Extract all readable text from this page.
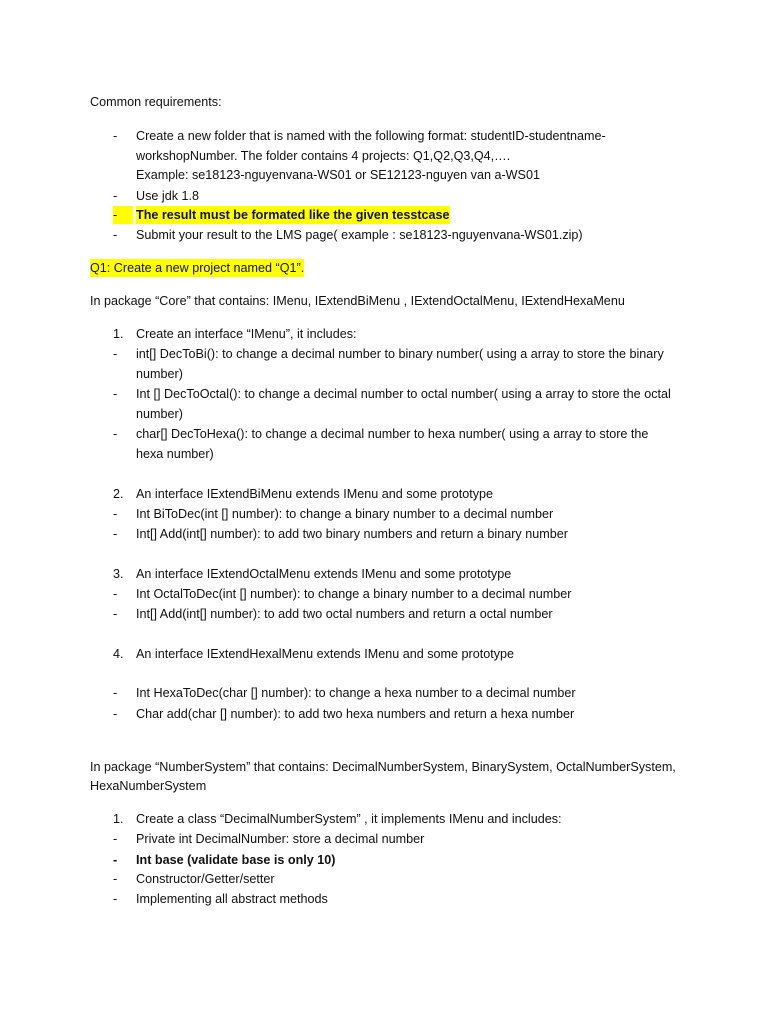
Common requirements:
- Create a new folder that is named with the following format: studentID-studentname-
workshopNumber. The folder contains 4 projects: Q1,Q2,Q3,Q4,….
Example: se18123-nguyenvana-WS01 or SE12123-nguyen van a-WS01
- Use jdk 1.8
-	The result must be formated like the given tesstcase
- Submit your result to the LMS page( example : se18123-nguyenvana-WS01.zip)
Q1: Create a new project named “Q1”.
In package “Core” that contains: IMenu, IExtendBiMenu , IExtendOctalMenu, IExtendHexaMenu
1. Create an interface “IMenu”, it includes:
- int[] DecToBi(): to change a decimal number to binary number( using a array to store the binary
number)
- Int [] DecToOctal(): to change a decimal number to octal number( using a array to store the octal
number)
- char[] DecToHexa(): to change a decimal number to hexa number( using a array to store the
hexa number)
2. An interface IExtendBiMenu extends IMenu and some prototype
- Int BiToDec(int [] number): to change a binary number to a decimal number
- Int[] Add(int[] number): to add two binary numbers and return a binary number
3. An interface IExtendOctalMenu extends IMenu and some prototype
- Int OctalToDec(int [] number): to change a binary number to a decimal number
- Int[] Add(int[] number): to add two octal numbers and return a octal number
4. An interface IExtendHexalMenu extends IMenu and some prototype
- Int HexaToDec(char [] number): to change a hexa number to a decimal number
- Char add(char [] number): to add two hexa numbers and return a hexa number
In package “NumberSystem” that contains: DecimalNumberSystem, BinarySystem, OctalNumberSystem,
HexaNumberSystem
1. Create a class “DecimalNumberSystem” , it implements IMenu and includes:
- Private int DecimalNumber: store a decimal number
- Int base (validate base is only 10)
- Constructor/Getter/setter
- Implementing all abstract methods
